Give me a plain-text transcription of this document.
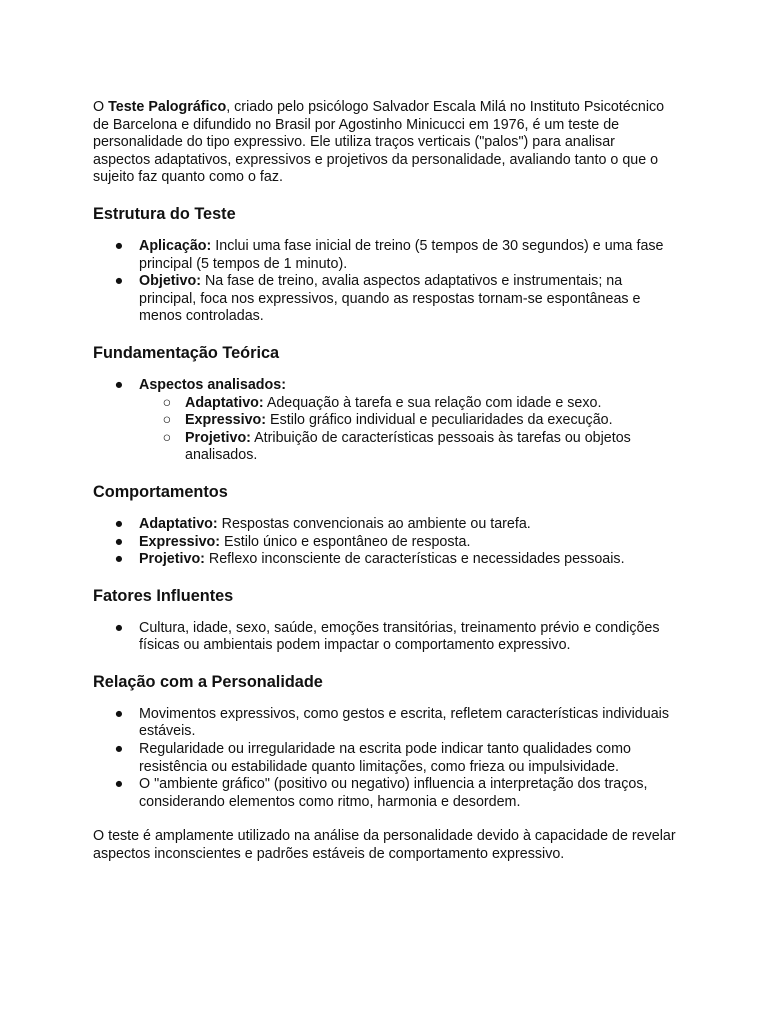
O Teste Palográfico, criado pelo psicólogo Salvador Escala Milá no Instituto Psicotécnico de Barcelona e difundido no Brasil por Agostinho Minicucci em 1976, é um teste de personalidade do tipo expressivo. Ele utiliza traços verticais ("palos") para analisar aspectos adaptativos, expressivos e projetivos da personalidade, avaliando tanto o que o sujeito faz quanto como o faz.

Estrutura do Teste
● Aplicação: Inclui uma fase inicial de treino (5 tempos de 30 segundos) e uma fase principal (5 tempos de 1 minuto).
● Objetivo: Na fase de treino, avalia aspectos adaptativos e instrumentais; na principal, foca nos expressivos, quando as respostas tornam-se espontâneas e menos controladas.
Fundamentação Teórica
● Aspectos analisados:
○ Adaptativo: Adequação à tarefa e sua relação com idade e sexo.
○ Expressivo: Estilo gráfico individual e peculiaridades da execução.
○ Projetivo: Atribuição de características pessoais às tarefas ou objetos analisados.
Comportamentos
● Adaptativo: Respostas convencionais ao ambiente ou tarefa.
● Expressivo: Estilo único e espontâneo de resposta.
● Projetivo: Reflexo inconsciente de características e necessidades pessoais.
Fatores Influentes
● Cultura, idade, sexo, saúde, emoções transitórias, treinamento prévio e condições físicas ou ambientais podem impactar o comportamento expressivo.
Relação com a Personalidade
● Movimentos expressivos, como gestos e escrita, refletem características individuais estáveis.
● Regularidade ou irregularidade na escrita pode indicar tanto qualidades como resistência ou estabilidade quanto limitações, como frieza ou impulsividade.
● O "ambiente gráfico" (positivo ou negativo) influencia a interpretação dos traços, considerando elementos como ritmo, harmonia e desordem.

O teste é amplamente utilizado na análise da personalidade devido à capacidade de revelar aspectos inconscientes e padrões estáveis de comportamento expressivo.
